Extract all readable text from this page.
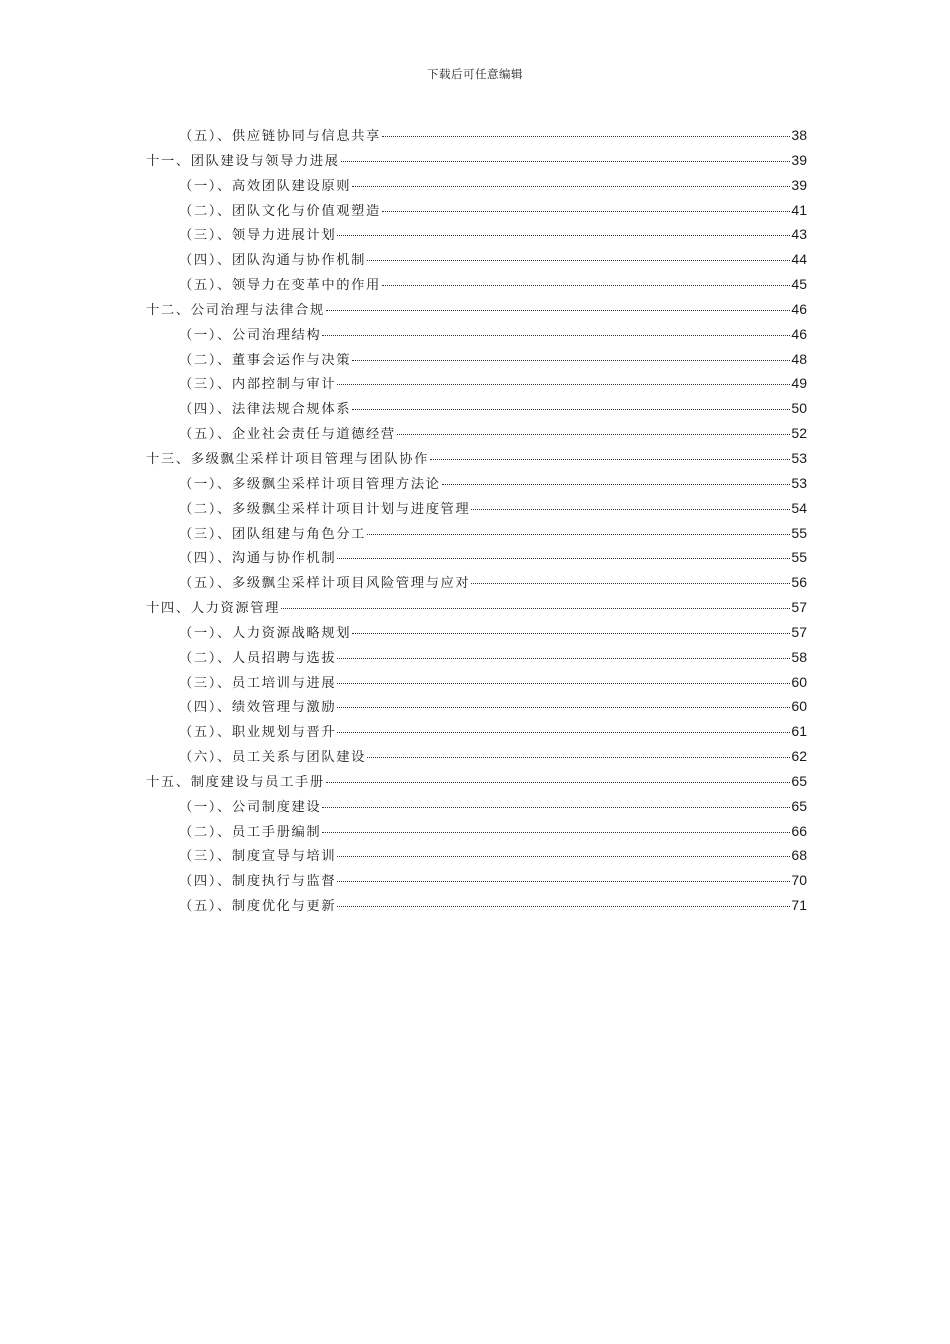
下载后可任意编辑
（五）、供应链协同与信息共享	38
十一、团队建设与领导力进展	39
（一）、高效团队建设原则	39
（二）、团队文化与价值观塑造	41
（三）、领导力进展计划	43
（四）、团队沟通与协作机制	44
（五）、领导力在变革中的作用	45
十二、公司治理与法律合规	46
（一）、公司治理结构	46
（二）、董事会运作与决策	48
（三）、内部控制与审计	49
（四）、法律法规合规体系	50
（五）、企业社会责任与道德经营	52
十三、多级飘尘采样计项目管理与团队协作	53
（一）、多级飘尘采样计项目管理方法论	53
（二）、多级飘尘采样计项目计划与进度管理	54
（三）、团队组建与角色分工	55
（四）、沟通与协作机制	55
（五）、多级飘尘采样计项目风险管理与应对	56
十四、人力资源管理	57
（一）、人力资源战略规划	57
（二）、人员招聘与选拔	58
（三）、员工培训与进展	60
（四）、绩效管理与激励	60
（五）、职业规划与晋升	61
（六）、员工关系与团队建设	62
十五、制度建设与员工手册	65
（一）、公司制度建设	65
（二）、员工手册编制	66
（三）、制度宣导与培训	68
（四）、制度执行与监督	70
（五）、制度优化与更新	71
